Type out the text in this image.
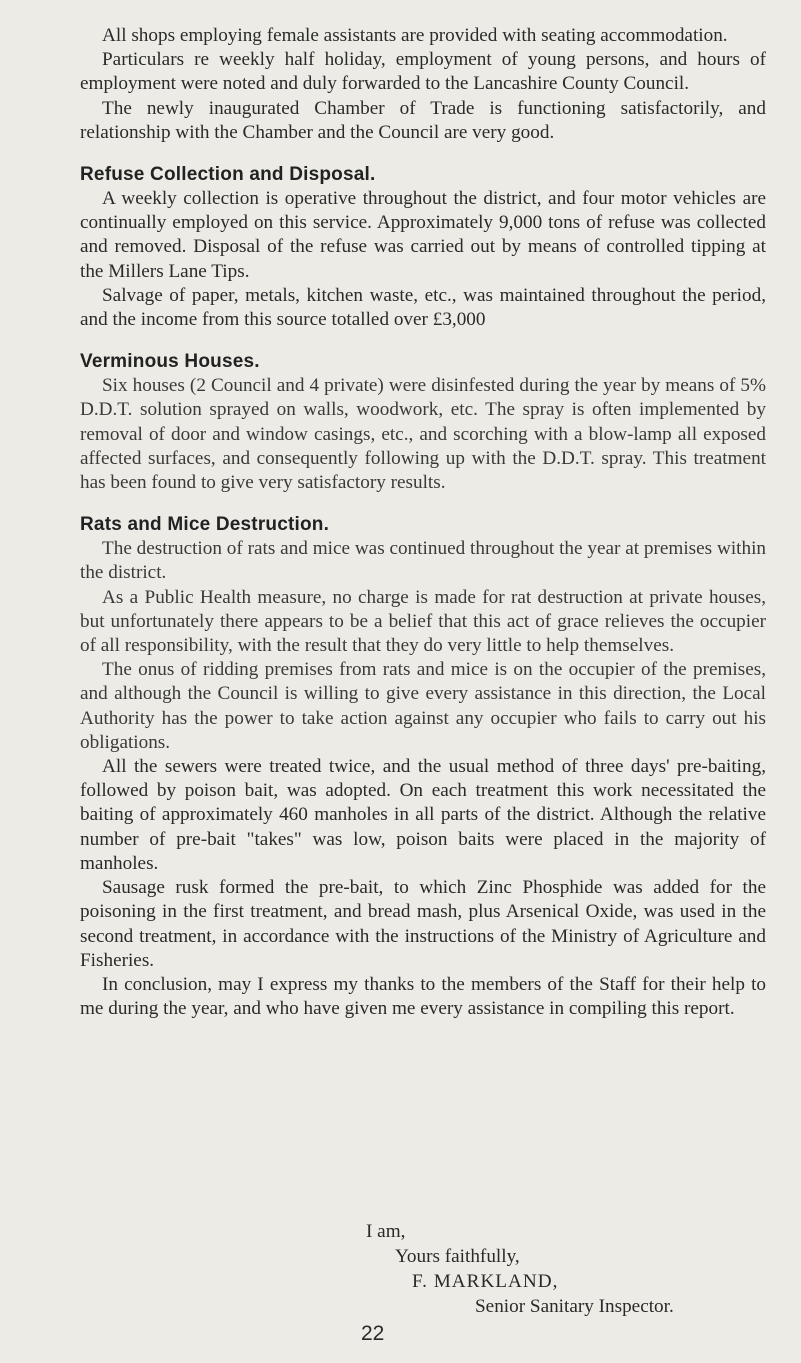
All shops employing female assistants are provided with seating accommodation.

Particulars re weekly half holiday, employment of young persons, and hours of employment were noted and duly forwarded to the Lancashire County Council.

The newly inaugurated Chamber of Trade is functioning satisfactorily, and relationship with the Chamber and the Council are very good.

Refuse Collection and Disposal.

A weekly collection is operative throughout the district, and four motor vehicles are continually employed on this service. Approximately 9,000 tons of refuse was collected and removed. Disposal of the refuse was carried out by means of controlled tipping at the Millers Lane Tips.

Salvage of paper, metals, kitchen waste, etc., was maintained throughout the period, and the income from this source totalled over £3,000

Verminous Houses.

Six houses (2 Council and 4 private) were disinfested during the year by means of 5% D.D.T. solution sprayed on walls, woodwork, etc. The spray is often implemented by removal of door and window casings, etc., and scorching with a blow-lamp all exposed affected surfaces, and consequently following up with the D.D.T. spray. This treatment has been found to give very satisfactory results.

Rats and Mice Destruction.

The destruction of rats and mice was continued throughout the year at premises within the district.

As a Public Health measure, no charge is made for rat destruction at private houses, but unfortunately there appears to be a belief that this act of grace relieves the occupier of all responsibility, with the result that they do very little to help themselves.

The onus of ridding premises from rats and mice is on the occupier of the premises, and although the Council is willing to give every assistance in this direction, the Local Authority has the power to take action against any occupier who fails to carry out his obligations.

All the sewers were treated twice, and the usual method of three days' pre-baiting, followed by poison bait, was adopted. On each treatment this work necessitated the baiting of approximately 460 manholes in all parts of the district. Although the relative number of pre-bait "takes" was low, poison baits were placed in the majority of manholes.

Sausage rusk formed the pre-bait, to which Zinc Phosphide was added for the poisoning in the first treatment, and bread mash, plus Arsenical Oxide, was used in the second treatment, in accordance with the instructions of the Ministry of Agriculture and Fisheries.

In conclusion, may I express my thanks to the members of the Staff for their help to me during the year, and who have given me every assistance in compiling this report.

I am,
Yours faithfully,
F. MARKLAND,
Senior Sanitary Inspector.
22
